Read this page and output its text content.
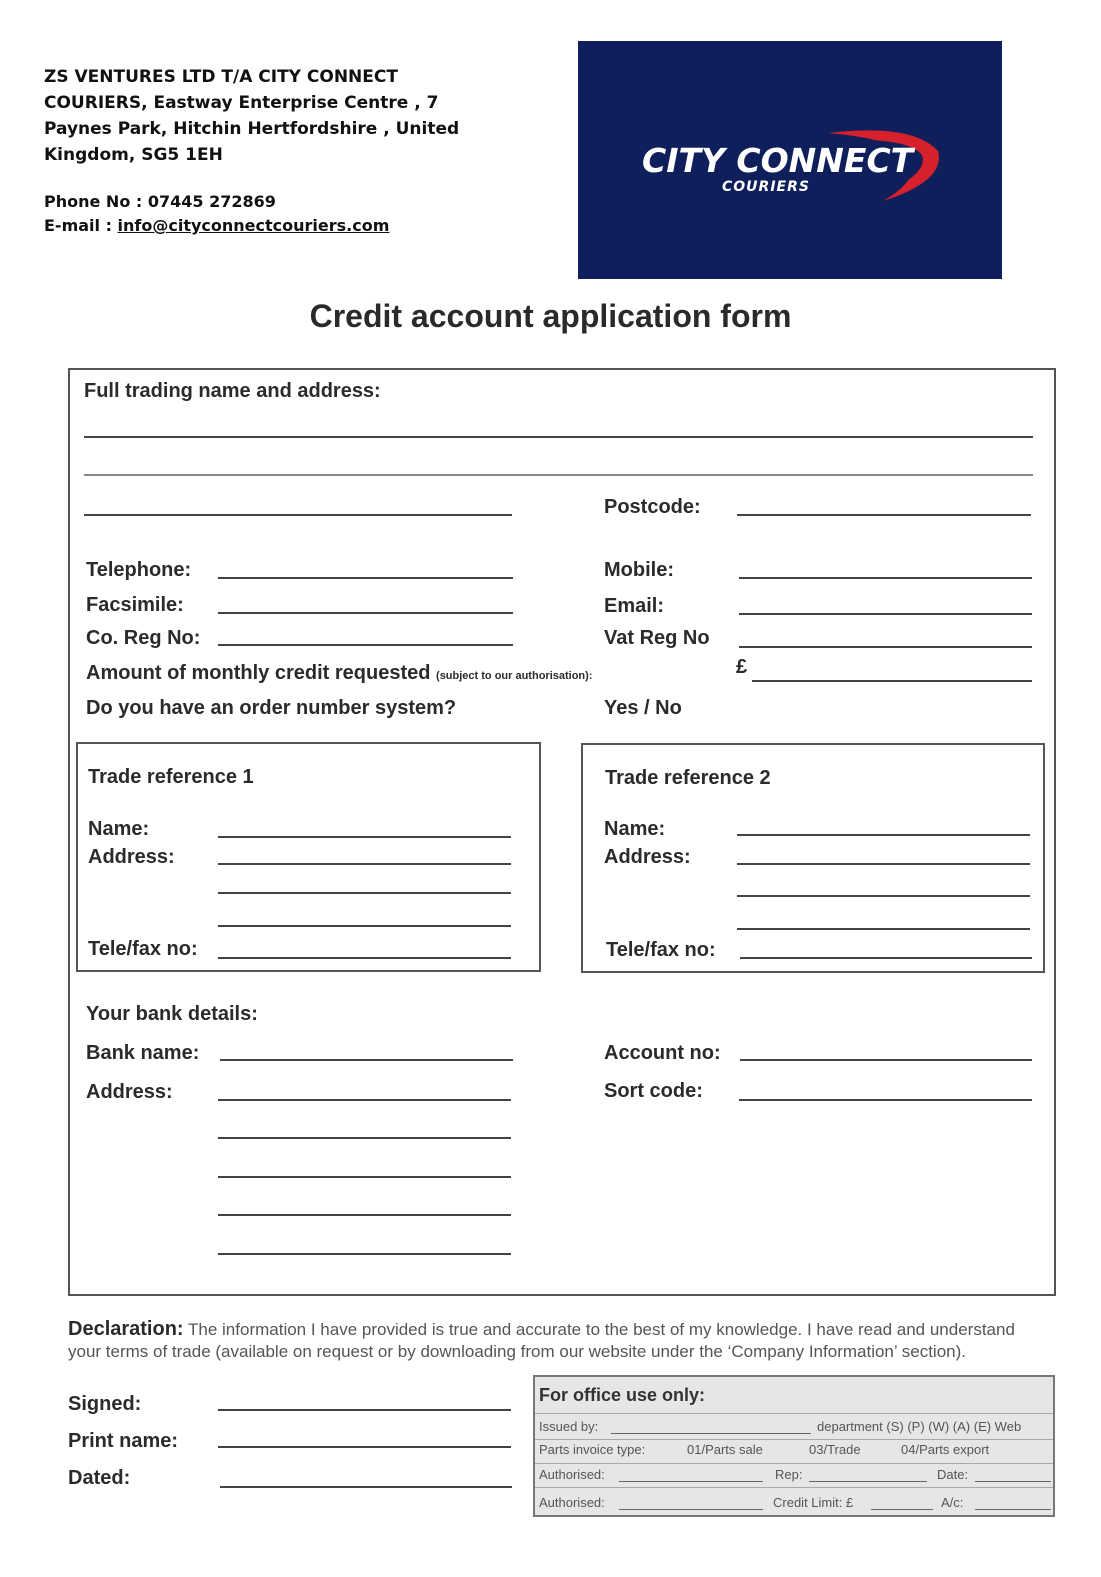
ZS VENTURES LTD T/A CITY CONNECT
COURIERS, Eastway Enterprise Centre , 7
Paynes Park, Hitchin Hertfordshire , United
Kingdom, SG5 1EH
Phone No : 07445 272869
E-mail : info@cityconnectcouriers.com
CITY CONNECT
COURIERS
Credit account application form
Full trading name and address:
Postcode:
Telephone:	Mobile:
Facsimile:	Email:
Co. Reg No:	Vat Reg No
Amount of monthly credit requested (subject to our authorisation):	£
Do you have an order number system?	Yes / No
Trade reference 1
Name:
Address:
Tele/fax no:
Trade reference 2
Name:
Address:
Tele/fax no:
Your bank details:
Bank name:	Account no:
Address:	Sort code:
Declaration: The information I have provided is true and accurate to the best of my knowledge. I have read and understand your terms of trade (available on request or by downloading from our website under the ‘Company Information’ section).
Signed:
Print name:
Dated:
For office use only:
Issued by:	department (S) (P) (W) (A) (E) Web
Parts invoice type:	01/Parts sale	03/Trade	04/Parts export
Authorised:	Rep:	Date:
Authorised:	Credit Limit: £	A/c:
